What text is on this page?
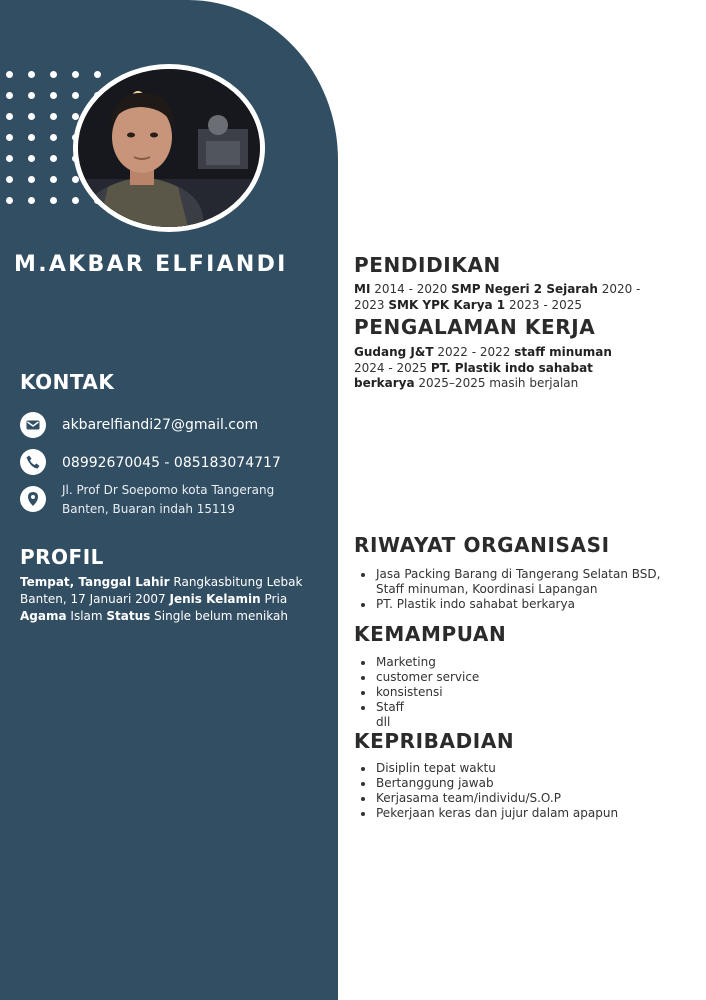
M.AKBAR ELFIANDI
KONTAK
akbarelfiandi27@gmail.com
08992670045 - 085183074717
Jl. Prof Dr Soepomo kota Tangerang
Banten, Buaran indah 15119
PROFIL
Tempat, Tanggal Lahir Rangkasbitung Lebak Banten, 17 Januari 2007 Jenis Kelamin Pria Agama Islam Status Single belum menikah
PENDIDIKAN
MI 2014 - 2020 SMP Negeri 2 Sejarah 2020 - 2023 SMK YPK Karya 1 2023 - 2025
PENGALAMAN KERJA
Gudang J&T 2022 - 2022 staff minuman 2024 - 2025 PT. Plastik indo sahabat berkarya 2025–2025 masih berjalan
RIWAYAT ORGANISASI
Jasa Packing Barang di Tangerang Selatan BSD, Staff minuman, Koordinasi Lapangan
PT. Plastik indo sahabat berkarya
KEMAMPUAN
Marketing
customer service
konsistensi
Staff
dll
KEPRIBADIAN
Disiplin tepat waktu
Bertanggung jawab
Kerjasama team/individu/S.O.P
Pekerjaan keras dan jujur dalam apapun
